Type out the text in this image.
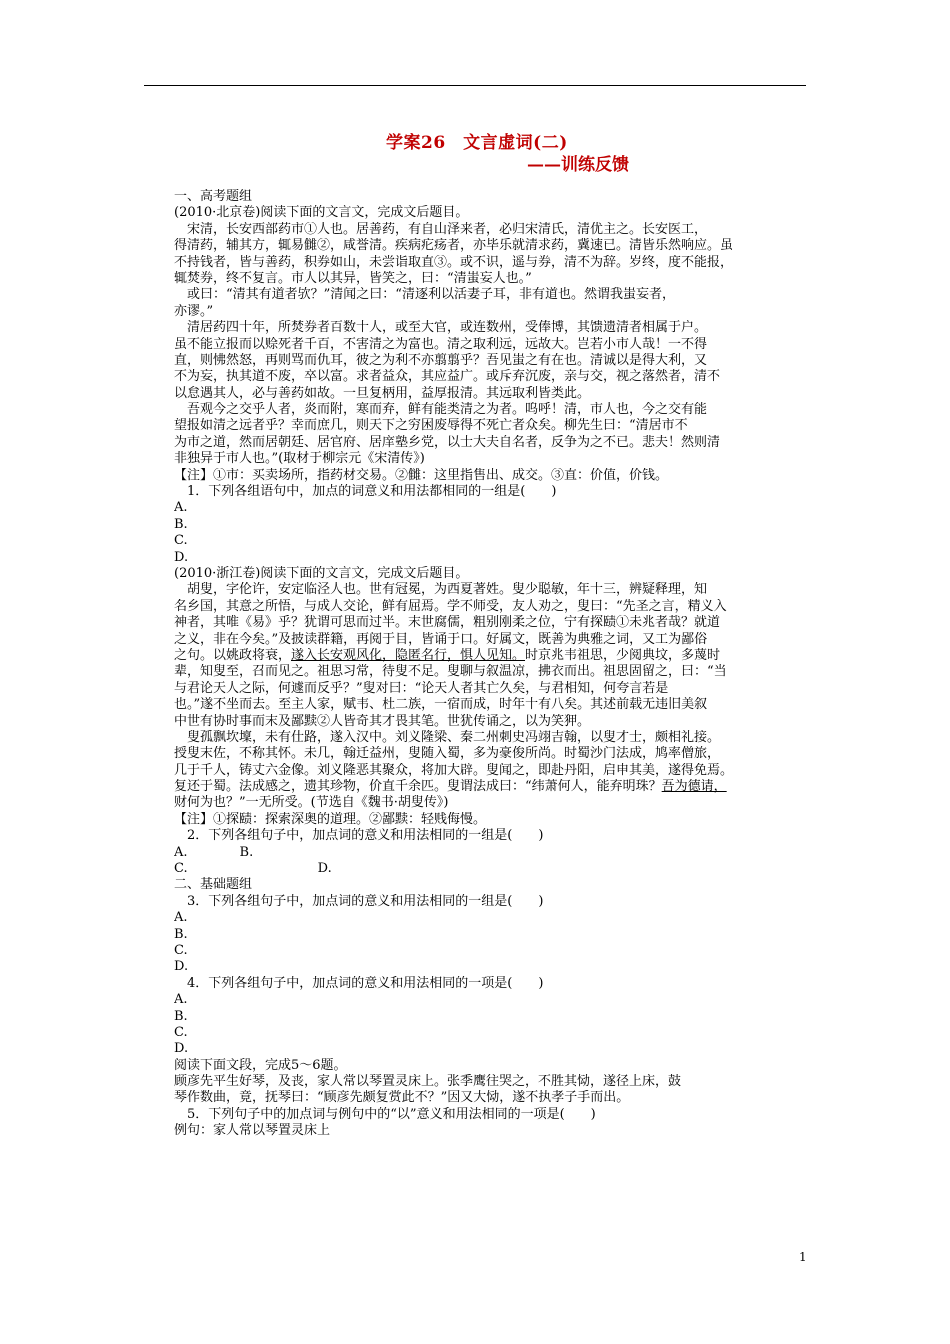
学案26　文言虚词(二)
——训练反馈
一、高考题组
(2010·北京卷)阅读下面的文言文，完成文后题目。
　宋清，长安西部药市①人也。居善药，有自山泽来者，必归宋清氏，清优主之。长安医工，
得清药，辅其方，辄易雠②，咸誉清。疾病疕疡者，亦毕乐就清求药，冀速已。清皆乐然响应。虽
不持钱者，皆与善药，积券如山，未尝诣取直③。或不识，遥与券，清不为辞。岁终，度不能报，
辄焚券，终不复言。市人以其异，皆笑之，曰：“清蚩妄人也。”
　或曰：“清其有道者欤？”清闻之曰：“清逐利以活妻子耳，非有道也。然谓我蚩妄者，
亦谬。”
　清居药四十年，所焚券者百数十人，或至大官，或连数州，受俸博，其馈遗清者相属于户。
虽不能立报而以赊死者千百，不害清之为富也。清之取利远，远故大。岂若小市人哉！一不得
直，则怫然怒，再则骂而仇耳，彼之为利不亦翦翦乎？吾见蚩之有在也。清诚以是得大利，又
不为妄，执其道不废，卒以富。求者益众，其应益广。或斥弃沉废，亲与交，视之落然者，清不
以怠遇其人，必与善药如故。一旦复柄用，益厚报清。其远取利皆类此。
　吾观今之交乎人者，炎而附，寒而弃，鲜有能类清之为者。呜呼！清，市人也，今之交有能
望报如清之远者乎？幸而庶几，则天下之穷困废辱得不死亡者众矣。柳先生曰：“清居市不
为市之道，然而居朝廷、居官府、居庠塾乡党，以士大夫自名者，反争为之不已。悲夫！然则清
非独异于市人也。”(取材于柳宗元《宋清传》)
【注】①市：买卖场所，指药材交易。②雠：这里指售出、成交。③直：价值，价钱。
　1．下列各组语句中，加点的词意义和用法都相同的一组是(　　)
A.
B.
C.
D.
(2010·浙江卷)阅读下面的文言文，完成文后题目。
　胡叟，字伦许，安定临泾人也。世有冠冕，为西夏著姓。叟少聪敏，年十三，辨疑释理，知
名乡国，其意之所悟，与成人交论，鲜有屈焉。学不师受，友人劝之，叟曰：“先圣之言，精义入
神者，其唯《易》乎？犹谓可思而过半。末世腐儒，粗别刚柔之位，宁有探赜①未兆者哉？就道
之义，非在今矣。”及披读群籍，再阅于目，皆诵于口。好属文，既善为典雅之词，又工为鄙俗
之句。以姚政将衰，遂入长安观风化，隐匿名行，惧人见知。时京兆韦祖思，少阅典坟，多蔑时
辈，知叟至，召而见之。祖思习常，待叟不足。叟聊与叙温凉，拂衣而出。祖思固留之，曰：“当
与君论天人之际，何遽而反乎？”叟对曰：“论天人者其亡久矣，与君相知，何夸言若是
也。”遂不坐而去。至主人家，赋韦、杜二族，一宿而成，时年十有八矣。其述前载无违旧美叙
中世有协时事而末及鄙黩②人皆奇其才畏其笔。世犹传诵之，以为笑狎。
　叟孤飘坎壈，未有仕路，遂入汉中。刘义隆梁、秦二州刺史冯翊吉翰，以叟才士，颇相礼接。
授叟末佐，不称其怀。未几，翰迁益州，叟随入蜀，多为豪俊所尚。时蜀沙门法成，鸠率僧旅，
几于千人，铸丈六金像。刘义隆恶其聚众，将加大辟。叟闻之，即赴丹阳，启申其美，遂得免焉。
复还于蜀。法成感之，遗其珍物，价直千余匹。叟谓法成曰：“纬萧何人，能弃明珠？吾为德请，
财何为也？”一无所受。(节选自《魏书·胡叟传》)
【注】①探赜：探索深奥的道理。②鄙黩：轻贱侮慢。
　2．下列各组句子中，加点词的意义和用法相同的一组是(　　)
A.　　　　B.
C.　　　　　　　　　　D.
二、基础题组
　3．下列各组句子中，加点词的意义和用法相同的一组是(　　)
A.
B.
C.
D.
　4．下列各组句子中，加点词的意义和用法相同的一项是(　　)
A.
B.
C.
D.
阅读下面文段，完成5～6题。
顾彦先平生好琴，及丧，家人常以琴置灵床上。张季鹰往哭之，不胜其恸，遂径上床，鼓
琴作数曲，竟，抚琴曰：“顾彦先颇复赏此不？”因又大恸，遂不执孝子手而出。
　5．下列句子中的加点词与例句中的“以”意义和用法相同的一项是(　　)
例句：家人常以琴置灵床上
1
